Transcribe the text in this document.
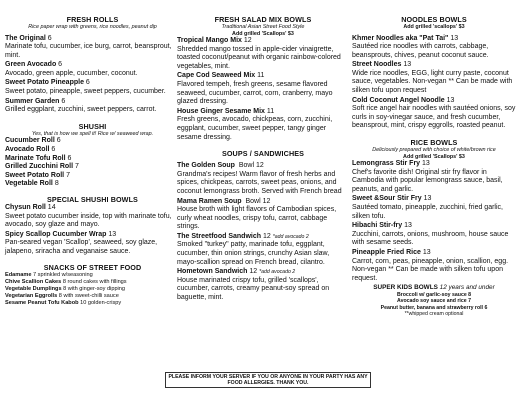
FRESH ROLLS
Rice paper wrap with greens, rice noodles, peanut dip

The Original 6

Marinate tofu, cucumber, ice burg, carrot, beansprout, mint.

Green Avocado 6

Avocado, green apple, cucumber, coconut.

Sweet Potato Pineapple 6

Sweet potato, pineapple, sweet peppers, cucumber.

Summer Garden 6

Grilled eggplant, zucchini, sweet peppers, carrot.

SHUSHI
Yes, that is how we spell it! Rice w/ seaweed wrap.

Cucumber Roll 6

Avocado Roll 6

Marinate Tofu Roll 6

Grilled Zucchini Roll 7

Sweet Potato Roll 7

Vegetable Roll 8

SPECIAL SHUSHI BOWLS

Chysun Roll 14

Sweet potato cucumber inside, top with marinate tofu, avocado, soy glaze and mayo.

Spicy Scallop Cucumber Wrap 13

Pan-seared vegan 'Scallop', seaweed, soy glaze, jalapeno, sriracha and veganaise sauce.

SNACKS OF STREET FOOD

Edamame 7 sprinkled w/seasoning

Chive Scallion Cakes 8 round cakes with fillings

Vegetable Dumplings 8 with ginger-soy dipping

Vegetarian Eggrolls 8 with sweet-chilli sauce

Sesame Peanut Tofu Kabob 10 golden-crispy

FRESH SALAD MIX BOWLS
Traditional Asian Street Food Style
Add grilled 'Scallops' $3

Tropical Mango Mix 12

Shredded mango tossed in apple-cider vinaigrette, toasted coconut/peanut with organic rainbow-colored vegetables, mint.

Cape Cod Seaweed Mix 11

Flavored tempeh, fresh greens, sesame flavored seaweed, cucumber, carrot, corn, cranberry, mayo glazed dressing.

House Ginger Sesame Mix 11

Fresh greens, avocado, chickpeas, corn, zucchini, eggplant, cucumber, sweet pepper, tangy ginger sesame dressing.

SOUPS / SANDWICHES

The Golden Soup Bowl 12

Grandma's recipes! Warm flavor of fresh herbs and spices, chickpeas, carrots, sweet peas, onions, and coconut lemongrass broth. Served with French bread

Mama Ramen Soup Bowl 12

House broth with light flavors of Cambodian spices, curly wheat noodles, crispy tofu, carrot, cabbage strings.

The Streetfood Sandwich 12 *add avocado 2

Smoked "turkey" patty, marinade tofu, eggplant, cucumber, thin onion strings, crunchy Asian slaw, mayo-scallion spread on French bread, cilantro.

Hometown Sandwich 12 *add avocado 2

House marinated crispy tofu, grilled 'scallops', cucumber, carrots, creamy peanut-soy spread on baguette, mint.

NOODLES BOWLS
Add grilled 'scallops' $3

Khmer Noodles aka "Pat Tai" 13

Sautéed rice noodles with carrots, cabbage, beansprouts, chives, peanut coconut sauce.

Street Noodles 13

Wide rice noodles, EGG, light curry paste, coconut sauce, vegetables. Non-vegan ** Can be made with silken tofu upon request

Cold Coconut Angel Noodle 13

Soft rice angel hair noodles with sautéed onions, soy curls in soy-vinegar sauce, and fresh cucumber, beansprout, mint, crispy eggrolls, roasted peanut.

RICE BOWLS
Deliciously prepared with choice of white/brown rice
Add grilled 'Scallops' $3

Lemongrass Stir Fry 13

Chef's favorite dish! Original stir fry flavor in Cambodia with popular lemongrass sauce, basil, peanuts, and garlic.

Sweet &Sour Stir Fry 13

Sautéed tomato, pineapple, zucchini, fried garlic, silken tofu.

Hibachi Stir-fry 13

Zucchini, carrots, onions, mushroom, house sauce with sesame seeds.

Pineapple Fried Rice 13

Carrot, corn, peas, pineapple, onion, scallion, egg. Non-vegan ** Can be made with silken tofu upon request.

SUPER KIDS BOWLS 12 years and under

Broccoli w/ garlic-soy sauce 8

Avocado soy sauce and rice 7

Peanut butter, banana and strawberry roll 6

**whipped cream optional

PLEASE INFORM YOUR SERVER IF YOU OR ANYONE IN YOUR PARTY HAS ANY FOOD ALLERGIES. THANK YOU.
